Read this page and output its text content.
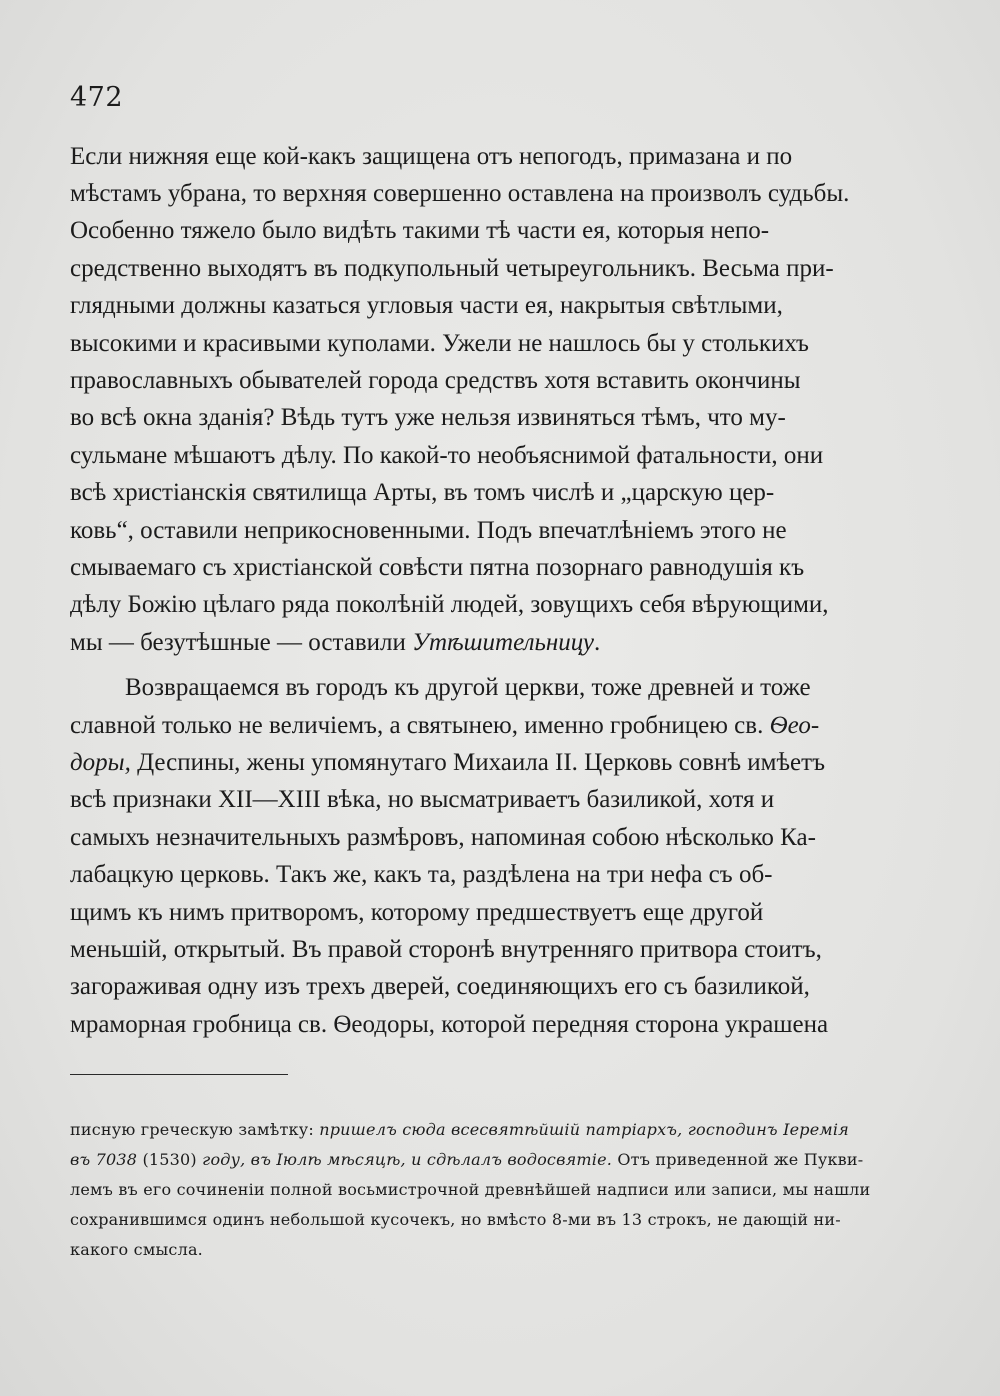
472
Если нижняя еще кой-какъ защищена отъ непогодъ, примазана и по
мѣстамъ убрана, то верхняя совершенно оставлена на произволъ судьбы.
Особенно тяжело было видѣть такими тѣ части ея, которыя непо-
средственно выходятъ въ подкупольный четыреугольникъ. Весьма при-
глядными должны казаться угловыя части ея, накрытыя свѣтлыми,
высокими и красивыми куполами. Ужели не нашлось бы у столькихъ
православныхъ обывателей города средствъ хотя вставить окончины
во всѣ окна зданія? Вѣдь тутъ уже нельзя извиняться тѣмъ, что му-
сульмане мѣшаютъ дѣлу. По какой-то необъяснимой фатальности, они
всѣ христіанскія святилища Арты, въ томъ числѣ и „царскую цер-
ковь“, оставили неприкосновенными. Подъ впечатлѣніемъ этого не
смываемаго съ христіанской совѣсти пятна позорнаго равнодушія къ
дѣлу Божію цѣлаго ряда поколѣній людей, зовущихъ себя вѣрующими,
мы — безутѣшные — оставили Утѣшительницу .
Возвращаемся въ городъ къ другой церкви, тоже древней и тоже
славной только не величіемъ, а святынею, именно гробницею св. Ѳео-
доры, Деспины, жены упомянутаго Михаила II. Церковь совнѣ имѣетъ
всѣ признаки XII—XIII вѣка, но высматриваетъ базиликой, хотя и
самыхъ незначительныхъ размѣровъ, напоминая собою нѣсколько Ка-
лабацкую церковь. Такъ же, какъ та, раздѣлена на три нефа съ об-
щимъ къ нимъ притворомъ, которому предшествуетъ еще другой
меньшій, открытый. Въ правой сторонѣ внутренняго притвора стоитъ,
загораживая одну изъ трехъ дверей, соединяющихъ его съ базиликой,
мраморная гробница св. Ѳеодоры, которой передняя сторона украшена
писную греческую замѣтку: пришелъ сюда всесвятѣйшій патріархъ, господинъ Іеремія
въ 7038 (1530) году, въ Іюлѣ мѣсяцѣ, и сдѣлалъ водосвятіе. Отъ приведенной же Пукви-
лемъ въ его сочиненіи полной восьмистрочной древнѣйшей надписи или записи, мы нашли
сохранившимся одинъ небольшой кусочекъ, но вмѣсто 8-ми въ 13 строкъ, не дающій ни-
какого смысла.
